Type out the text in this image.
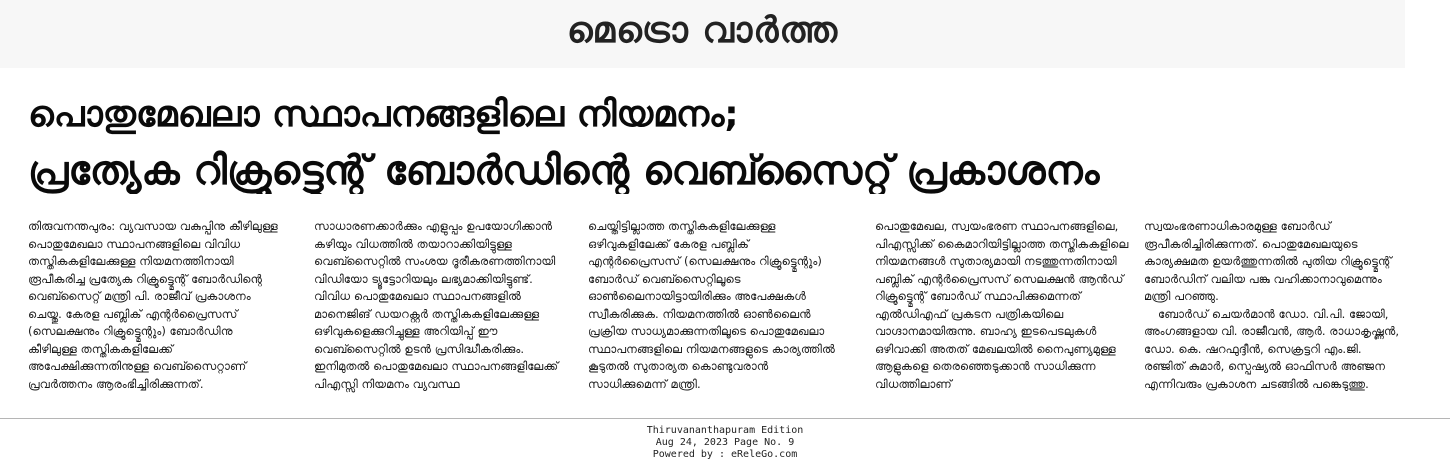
മെട്രൊ വാർത്ത
പൊതുമേഖലാ സ്ഥാപനങ്ങളിലെ നിയമനം;
പ്രത്യേക റിക്രൂട്ട്മെന്റ് ബോർഡിന്റെ വെബ്സൈറ്റ് പ്രകാശനം

തിരുവനന്തപുരം: വ്യവസായ വകുപ്പിനു കീഴിലുള്ള പൊതുമേഖലാ സ്ഥാപനങ്ങളിലെ വിവിധ തസ്തികകളിലേക്കുള്ള നിയമനത്തിനായി രൂപീകരിച്ച പ്രത്യേക റിക്രൂട്ട്മെന്റ് ബോർഡിന്റെ വെബ്സൈറ്റ് മന്ത്രി പി. രാജീവ് പ്രകാശനം ചെയ്തു. കേരള പബ്ലിക് എന്റർപ്രൈസസ് (സെലക്ഷനും റിക്രൂട്ട്മെന്റും) ബോർഡിനു കീഴിലുള്ള തസ്തികകളിലേക്ക് അപേക്ഷിക്കുന്നതിനുള്ള വെബ്സൈറ്റാണ് പ്രവർത്തനം ആരംഭിച്ചിരിക്കുന്നത്.

സാധാരണക്കാർക്കും എളുപ്പം ഉപയോഗിക്കാൻ കഴിയും വിധത്തിൽ തയാറാക്കിയിട്ടുള്ള വെബ്സൈറ്റിൽ സംശയ ദൂരീകരണത്തിനായി വിഡിയോ ട്യൂട്ടോറിയലും ലഭ്യമാക്കിയിട്ടുണ്ട്. വിവിധ പൊതുമേഖലാ സ്ഥാപനങ്ങളിൽ മാനെജിങ് ഡയറക്റ്റർ തസ്തികകളിലേക്കുള്ള ഒഴിവുകളെക്കുറിച്ചുള്ള അറിയിപ്പ് ഈ വെബ്സൈറ്റിൽ ഉടൻ പ്രസിദ്ധീകരിക്കും. ഇനിമുതൽ പൊതുമേഖലാ സ്ഥാപനങ്ങളിലേക്ക് പിഎസ്സി നിയമനം വ്യവസ്ഥ

ചെയ്തിട്ടില്ലാത്ത തസ്തികകളിലേക്കുള്ള ഒഴിവുകളിലേക്ക് കേരള പബ്ലിക് എന്റർപ്രൈസസ് (സെലക്ഷനും റിക്രൂട്ട്മെന്റും) ബോർഡ് വെബ്സൈറ്റിലൂടെ ഓൺലൈനായിട്ടായിരിക്കും അപേക്ഷകൾ സ്വീകരിക്കുക. നിയമനത്തിൽ ഓൺലൈൻ പ്രക്രിയ സാധ്യമാക്കുന്നതിലൂടെ പൊതുമേഖലാ സ്ഥാപനങ്ങളിലെ നിയമനങ്ങളുടെ കാര്യത്തിൽ കൂടുതൽ സുതാര്യത കൊണ്ടുവരാൻ സാധിക്കുമെന്ന് മന്ത്രി.

പൊതുമേഖല, സ്വയംഭരണ സ്ഥാപനങ്ങളിലെ, പിഎസ്സിക്ക് കൈമാറിയിട്ടില്ലാത്ത തസ്തികകളിലെ നിയമനങ്ങൾ സുതാര്യമായി നടത്തുന്നതിനായി പബ്ലിക് എന്റർപ്രൈസസ് സെലക്ഷൻ ആൻഡ് റിക്രൂട്ട്മെന്റ് ബോർഡ് സ്ഥാപിക്കുമെന്നത് എൽഡിഎഫ് പ്രകടന പത്രികയിലെ വാഗ്ദാനമായിരുന്നു. ബാഹ്യ ഇടപെടലുകൾ ഒഴിവാക്കി അതത് മേഖലയിൽ നൈപുണ്യമുള്ള ആളുകളെ തെരഞ്ഞെടുക്കാൻ സാധിക്കുന്ന വിധത്തിലാണ്

സ്വയംഭരണാധികാരമുള്ള ബോർഡ് രൂപീകരിച്ചിരിക്കുന്നത്. പൊതുമേഖലയുടെ കാര്യക്ഷമത ഉയർത്തുന്നതിൽ പുതിയ റിക്രൂട്ട്മെന്റ് ബോർഡിന് വലിയ പങ്കു വഹിക്കാനാവുമെന്നും മന്ത്രി പറഞ്ഞു.

ബോർഡ് ചെയർമാൻ ഡോ. വി.പി. ജോയി, അംഗങ്ങളായ വി. രാജീവൻ, ആർ. രാധാകൃഷ്ണൻ, ഡോ. കെ. ഷറഫുദ്ദീൻ, സെക്രട്ടറി എം.ജി. രഞ്ജിത് കുമാർ, സ്പെഷ്യൽ ഓഫിസർ അഞ്ജന എന്നിവരും പ്രകാശന ചടങ്ങിൽ പങ്കെടുത്തു.

Thiruvananthapuram Edition
Aug 24, 2023 Page No. 9
Powered by : eReleGo.com
